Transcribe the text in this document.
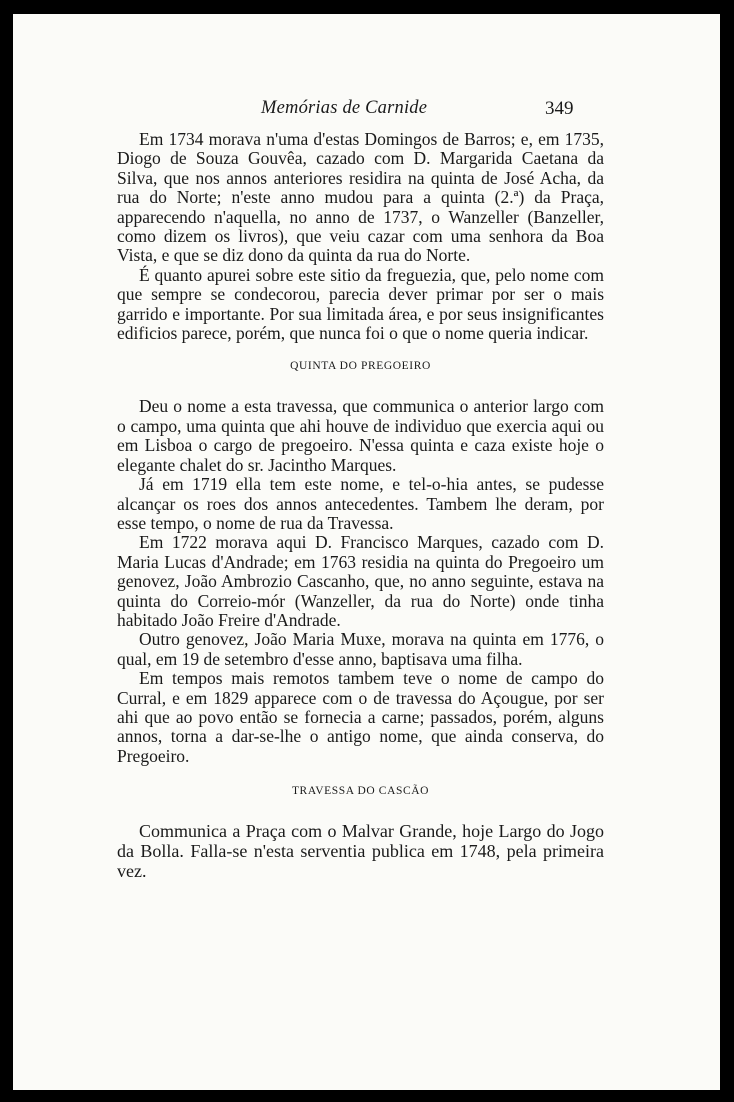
Memórias de Carnide	349

Em 1734 morava n'uma d'estas Domingos de Barros; e, em 1735, Diogo de Souza Gouvêa, cazado com D. Margarida Caetana da Silva, que nos annos anteriores residira na quinta de José Acha, da rua do Norte; n'este anno mudou para a quinta (2.ª) da Praça, apparecendo n'aquella, no anno de 1737, o Wanzeller (Banzeller, como dizem os livros), que veiu cazar com uma senhora da Boa Vista, e que se diz dono da quinta da rua do Norte.

É quanto apurei sobre este sitio da freguezia, que, pelo nome com que sempre se condecorou, parecia dever primar por ser o mais garrido e importante. Por sua limitada área, e por seus insignificantes edificios parece, porém, que nunca foi o que o nome queria indicar.

QUINTA DO PREGOEIRO

Deu o nome a esta travessa, que communica o anterior largo com o campo, uma quinta que ahi houve de individuo que exercia aqui ou em Lisboa o cargo de pregoeiro. N'essa quinta e caza existe hoje o elegante chalet do sr. Jacintho Marques.

Já em 1719 ella tem este nome, e tel-o-hia antes, se pudesse alcançar os roes dos annos antecedentes. Tambem lhe deram, por esse tempo, o nome de rua da Travessa.

Em 1722 morava aqui D. Francisco Marques, cazado com D. Maria Lucas d'Andrade; em 1763 residia na quinta do Pregoeiro um genovez, João Ambrozio Cascanho, que, no anno seguinte, estava na quinta do Correio-mór (Wanzeller, da rua do Norte) onde tinha habitado João Freire d'Andrade.

Outro genovez, João Maria Muxe, morava na quinta em 1776, o qual, em 19 de setembro d'esse anno, baptisava uma filha.

Em tempos mais remotos tambem teve o nome de campo do Curral, e em 1829 apparece com o de travessa do Açougue, por ser ahi que ao povo então se fornecia a carne; passados, porém, alguns annos, torna a dar-se-lhe o antigo nome, que ainda conserva, do Pregoeiro.

TRAVESSA DO CASCÃO

Communica a Praça com o Malvar Grande, hoje Largo do Jogo da Bolla. Falla-se n'esta serventia publica em 1748, pela primeira vez.
